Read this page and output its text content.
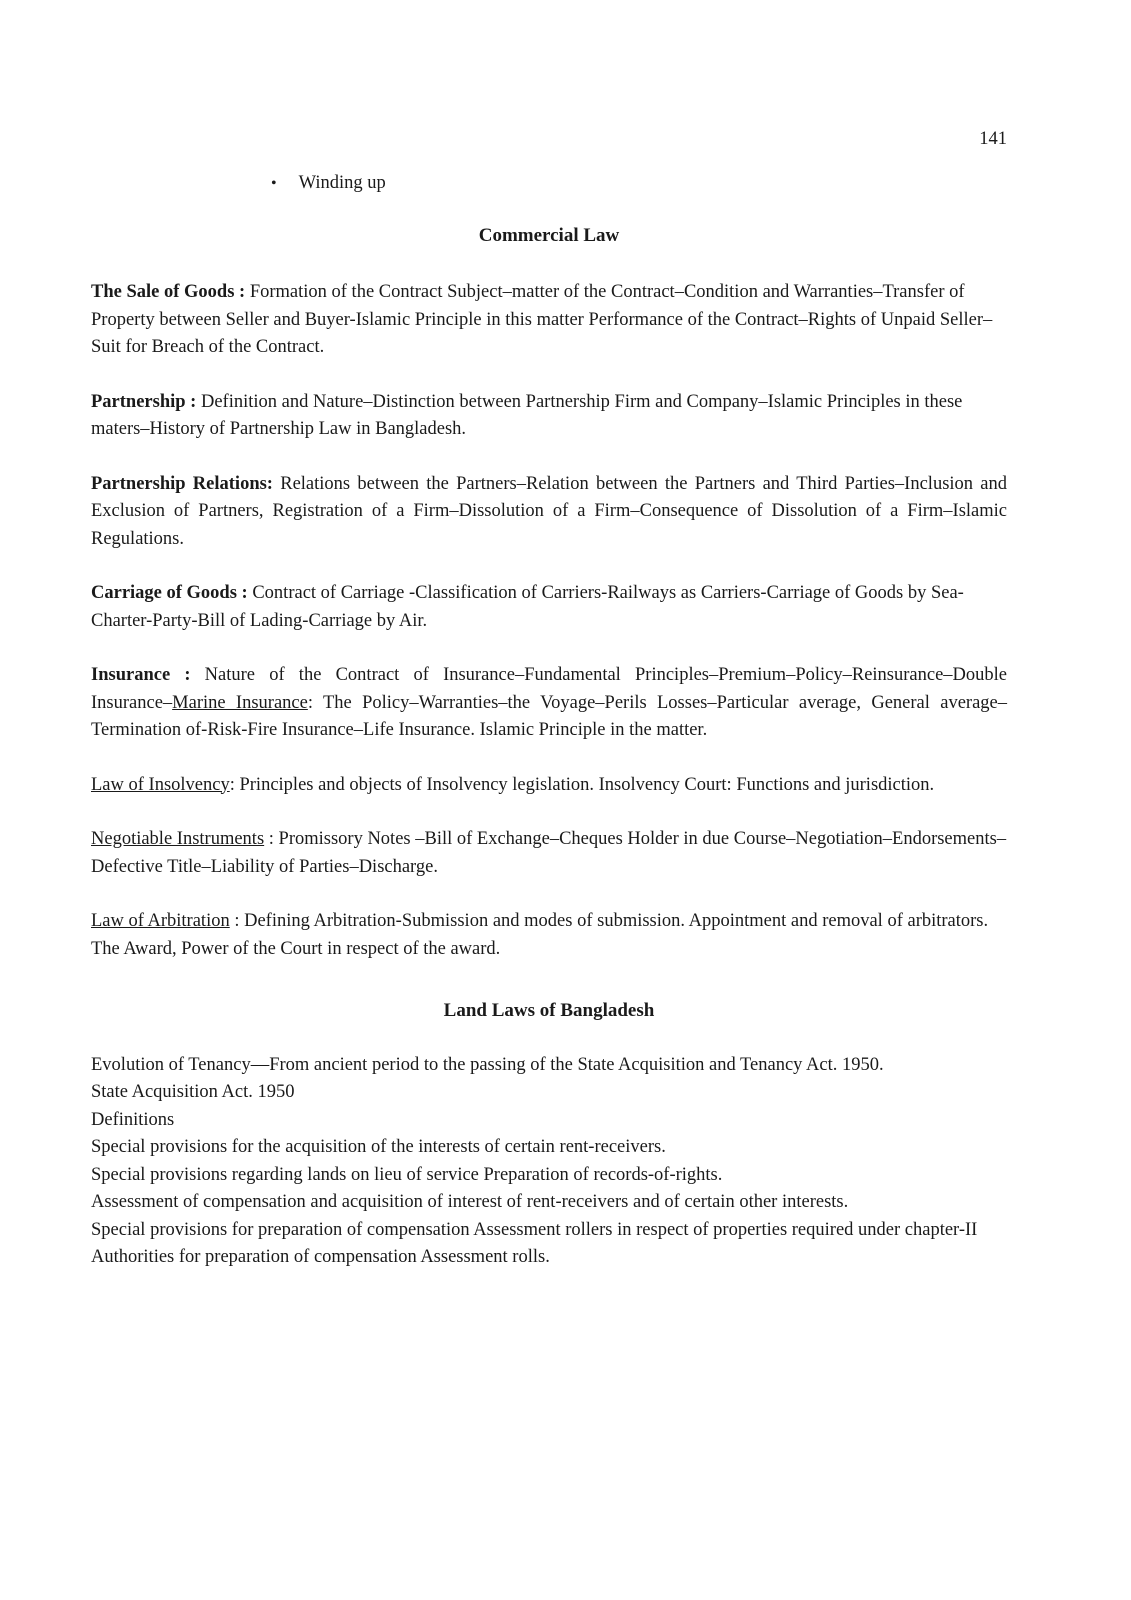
141
• Winding up
Commercial Law

The Sale of Goods : Formation of the Contract Subject–matter of the Contract–Condition and Warranties–Transfer of Property between Seller and Buyer-Islamic Principle in this matter Performance of the Contract–Rights of Unpaid Seller–Suit for Breach of the Contract.

Partnership : Definition and Nature–Distinction between Partnership Firm and Company–Islamic Principles in these maters–History of Partnership Law in Bangladesh.

Partnership Relations: Relations between the Partners–Relation between the Partners and Third Parties–Inclusion and Exclusion of Partners, Registration of a Firm–Dissolution of a Firm–Consequence of Dissolution of a Firm–Islamic Regulations.

Carriage of Goods : Contract of Carriage -Classification of Carriers-Railways as Carriers-Carriage of Goods by Sea-Charter-Party-Bill of Lading-Carriage by Air.

Insurance : Nature of the Contract of Insurance–Fundamental Principles–Premium–Policy–Reinsurance–Double Insurance–Marine Insurance: The Policy–Warranties–the Voyage–Perils Losses–Particular average, General average–Termination of-Risk-Fire Insurance–Life Insurance. Islamic Principle in the matter.

Law of Insolvency: Principles and objects of Insolvency legislation. Insolvency Court: Functions and jurisdiction.

Negotiable Instruments : Promissory Notes –Bill of Exchange–Cheques Holder in due Course–Negotiation–Endorsements–Defective Title–Liability of Parties–Discharge.

Law of Arbitration : Defining Arbitration-Submission and modes of submission. Appointment and removal of arbitrators. The Award, Power of the Court in respect of the award.

Land Laws of Bangladesh
Evolution of Tenancy—From ancient period to the passing of the State Acquisition and Tenancy Act. 1950.
State Acquisition Act. 1950
Definitions
Special provisions for the acquisition of the interests of certain rent-receivers.
Special provisions regarding lands on lieu of service Preparation of records-of-rights.
Assessment of compensation and acquisition of interest of rent-receivers and of certain other interests.
Special provisions for preparation of compensation Assessment rollers in respect of properties required under chapter-II
Authorities for preparation of compensation Assessment rolls.
